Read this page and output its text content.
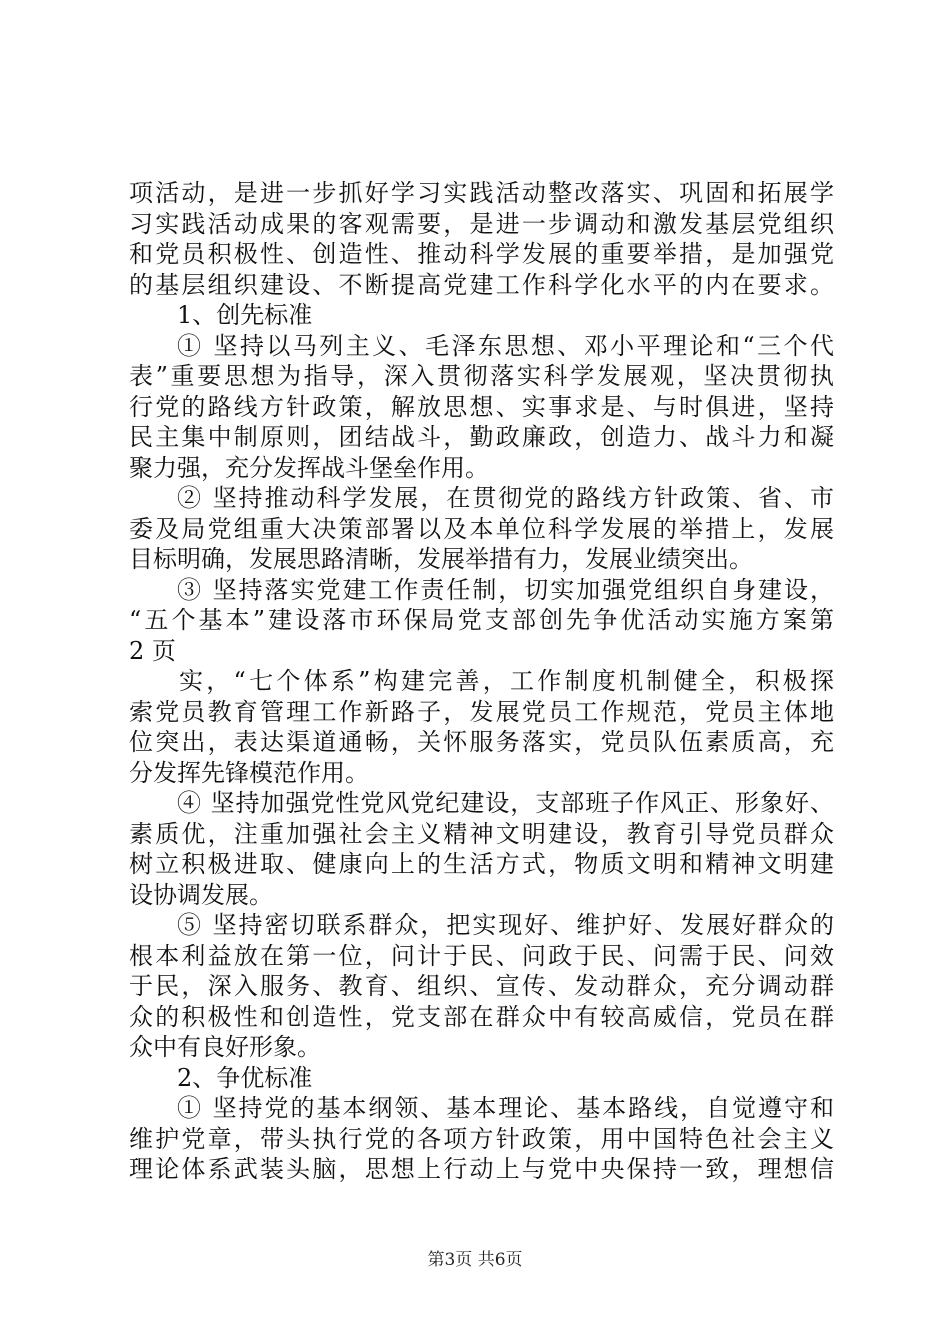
项活动，是进一步抓好学习实践活动整改落实、巩固和拓展学
习实践活动成果的客观需要，是进一步调动和激发基层党组织
和党员积极性、创造性、推动科学发展的重要举措，是加强党
的基层组织建设、不断提高党建工作科学化水平的内在要求。
1、创先标准
① 坚持以马列主义、毛泽东思想、邓小平理论和“三个代
表”重要思想为指导，深入贯彻落实科学发展观，坚决贯彻执
行党的路线方针政策，解放思想、实事求是、与时俱进，坚持
民主集中制原则，团结战斗，勤政廉政，创造力、战斗力和凝
聚力强，充分发挥战斗堡垒作用。
② 坚持推动科学发展，在贯彻党的路线方针政策、省、市
委及局党组重大决策部署以及本单位科学发展的举措上，发展
目标明确，发展思路清晰，发展举措有力，发展业绩突出。
③ 坚持落实党建工作责任制，切实加强党组织自身建设，
“五个基本”建设落市环保局党支部创先争优活动实施方案第
2 页
实，“七个体系”构建完善，工作制度机制健全，积极探
索党员教育管理工作新路子，发展党员工作规范，党员主体地
位突出，表达渠道通畅，关怀服务落实，党员队伍素质高，充
分发挥先锋模范作用。
④ 坚持加强党性党风党纪建设，支部班子作风正、形象好、
素质优，注重加强社会主义精神文明建设，教育引导党员群众
树立积极进取、健康向上的生活方式，物质文明和精神文明建
设协调发展。
⑤ 坚持密切联系群众，把实现好、维护好、发展好群众的
根本利益放在第一位，问计于民、问政于民、问需于民、问效
于民，深入服务、教育、组织、宣传、发动群众，充分调动群
众的积极性和创造性，党支部在群众中有较高威信，党员在群
众中有良好形象。
2、争优标准
① 坚持党的基本纲领、基本理论、基本路线，自觉遵守和
维护党章，带头执行党的各项方针政策，用中国特色社会主义
理论体系武装头脑，思想上行动上与党中央保持一致，理想信
第3页 共6页
